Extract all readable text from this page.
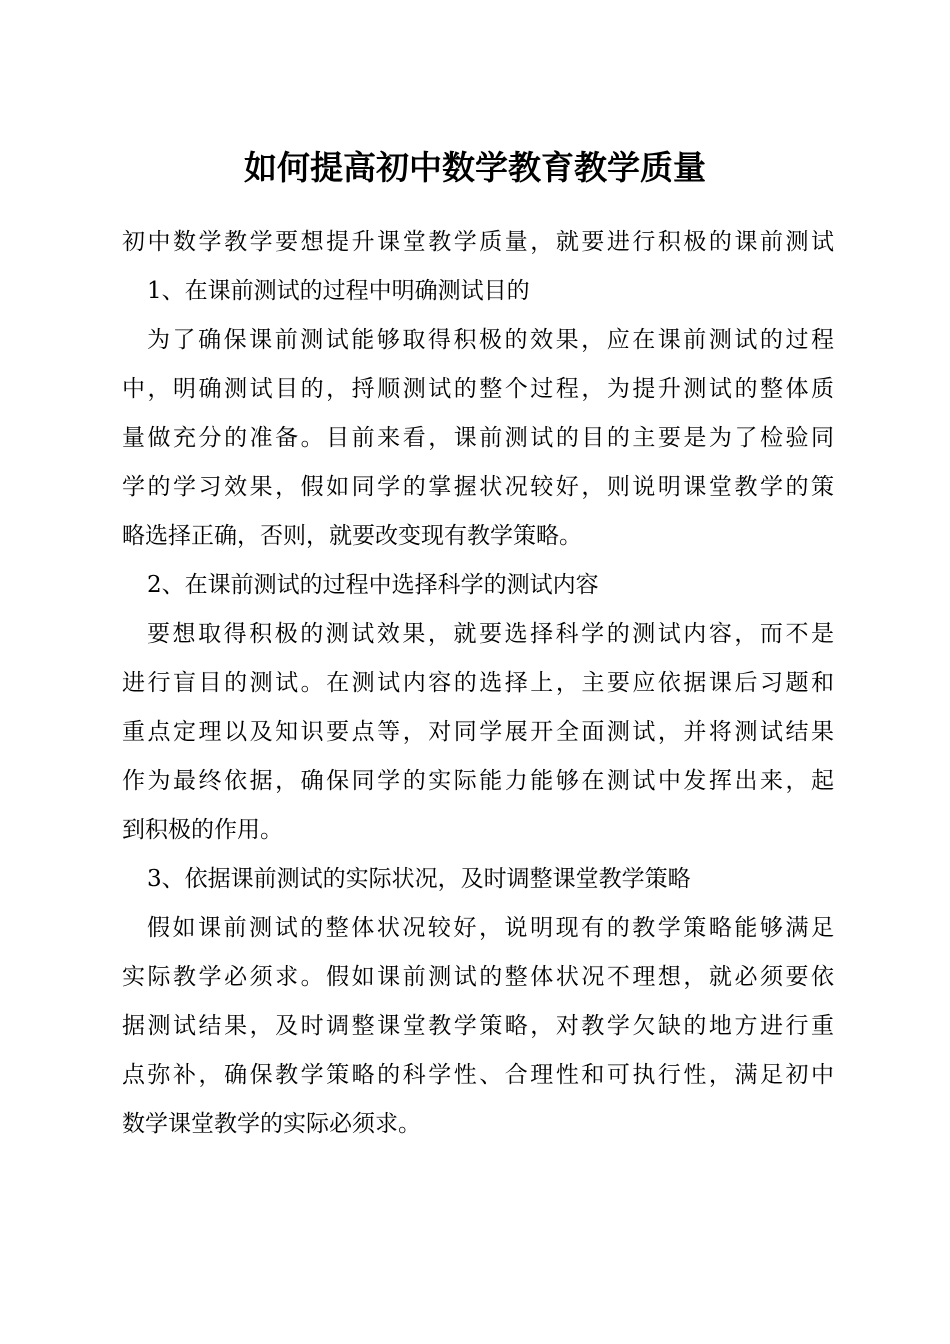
如何提高初中数学教育教学质量
初中数学教学要想提升课堂教学质量，就要进行积极的课前测试
1、在课前测试的过程中明确测试目的
为了确保课前测试能够取得积极的效果，应在课前测试的过程
中，明确测试目的，捋顺测试的整个过程，为提升测试的整体质
量做充分的准备。目前来看，课前测试的目的主要是为了检验同
学的学习效果，假如同学的掌握状况较好，则说明课堂教学的策
略选择正确，否则，就要改变现有教学策略。
2、在课前测试的过程中选择科学的测试内容
要想取得积极的测试效果，就要选择科学的测试内容，而不是
进行盲目的测试。在测试内容的选择上，主要应依据课后习题和
重点定理以及知识要点等，对同学展开全面测试，并将测试结果
作为最终依据，确保同学的实际能力能够在测试中发挥出来，起
到积极的作用。
3、依据课前测试的实际状况，及时调整课堂教学策略
假如课前测试的整体状况较好，说明现有的教学策略能够满足
实际教学必须求。假如课前测试的整体状况不理想，就必须要依
据测试结果，及时调整课堂教学策略，对教学欠缺的地方进行重
点弥补，确保教学策略的科学性、合理性和可执行性，满足初中
数学课堂教学的实际必须求。
